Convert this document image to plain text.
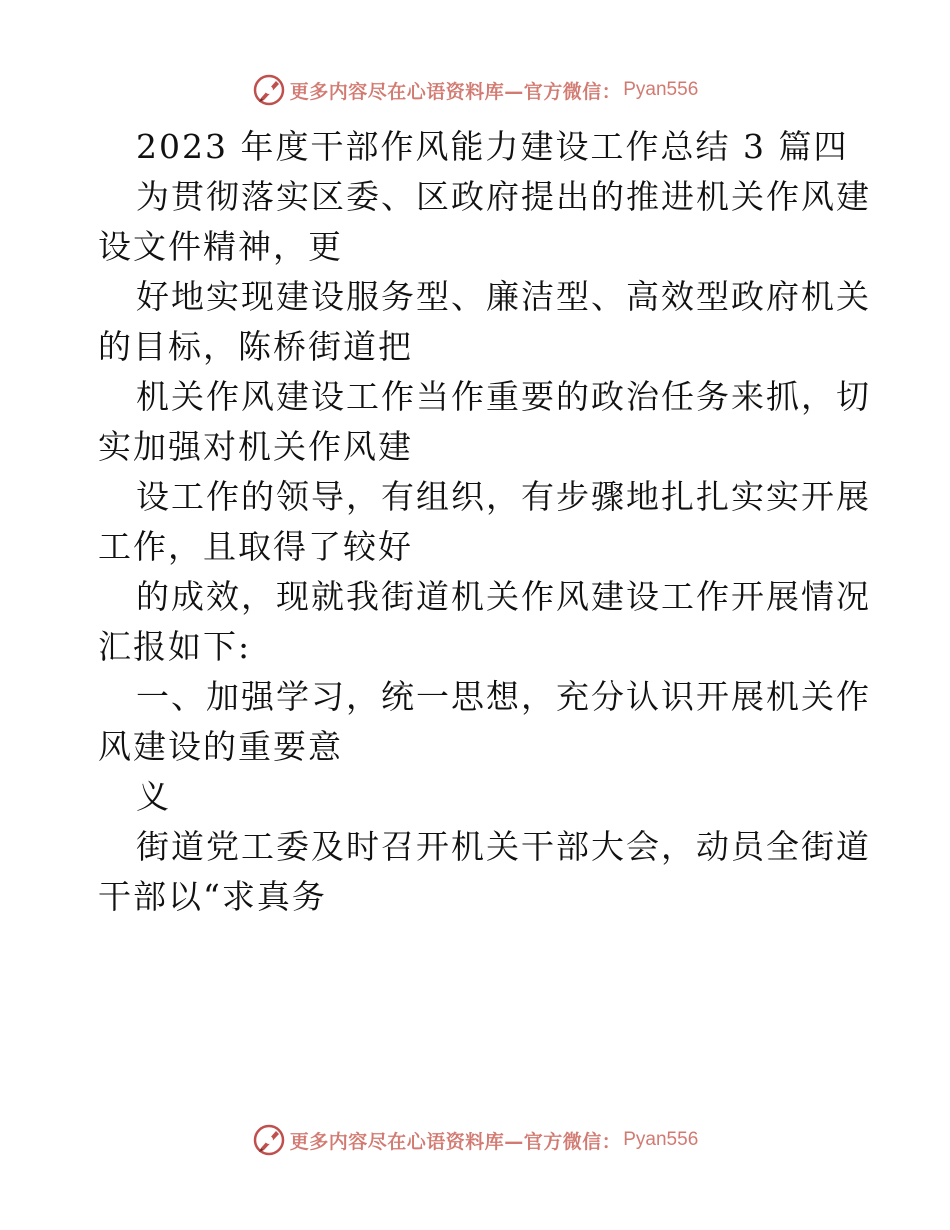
更多内容尽在心语资料库—官方微信： Pyan556
2023 年度干部作风能力建设工作总结 3 篇四
为贯彻落实区委、区政府提出的推进机关作风建
设文件精神，更
好地实现建设服务型、廉洁型、高效型政府机关
的目标，陈桥街道把
机关作风建设工作当作重要的政治任务来抓，切
实加强对机关作风建
设工作的领导，有组织，有步骤地扎扎实实开展
工作，且取得了较好
的成效，现就我街道机关作风建设工作开展情况
汇报如下:
一、加强学习，统一思想，充分认识开展机关作
风建设的重要意
义
街道党工委及时召开机关干部大会，动员全街道
干部以“求真务
更多内容尽在心语资料库—官方微信： Pyan556
